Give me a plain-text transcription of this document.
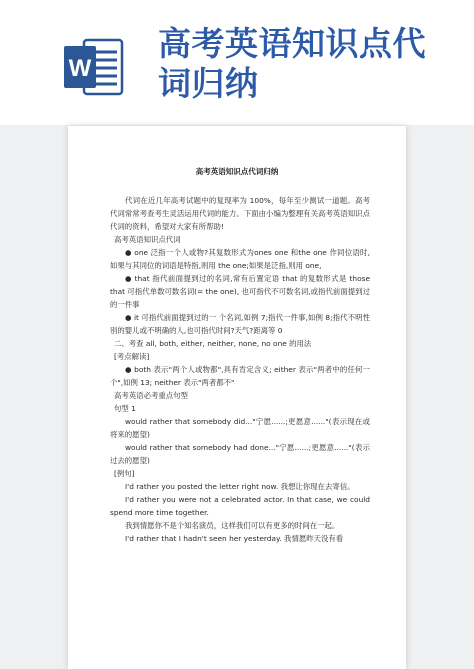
W
高考英语知识点代词归纳
高考英语知识点代词归纳

代词在近几年高考试题中的复现率为 100%，每年至少测试一道题。高考代词常常考查考生灵活运用代词的能力。下面由小编为整理有关高考英语知识点代词的资料，希望对大家有所帮助!

高考英语知识点代词

● one 泛指一个人或物?其复数形式为ones one 和the one 作同位语时,如果与其同位的词语是特指,则用 the one;如果是泛指,则用 one,

● that 指代前面提到过的名词,常有后置定语 that 的复数形式是 those that 可指代单数可数名词(= the one), 也可指代不可数名词,或指代前面提到过的一件事

● it 可指代前面提到过的一 个名词,如例 7;指代一件事,如例 8;指代不明性别的婴儿或不明确的人,也可指代时间?天气?距离等 0

二、考查 all, both, either, neither, none, no one 的用法

[考点解读]

● both 表示"两个人或物都",具有肯定含义; either 表示"两者中的任何一个",如例 13; neither 表示"两者都不"

高考英语必考重点句型

句型 1

would rather that somebody did..."宁愿......;更愿意......"(表示现在或将来的愿望)

would rather that somebody had done..."宁愿......;更愿意......"(表示过去的愿望)

[例句]

I'd rather you posted the letter right now. 我想让你现在去寄信。

I'd rather you were not a celebrated actor. In that case, we could spend more time together.

我到情愿你不是个知名演员，这样我们可以有更多的时间在一起。

I'd rather that I hadn't seen her yesterday. 我情愿昨天没有看
